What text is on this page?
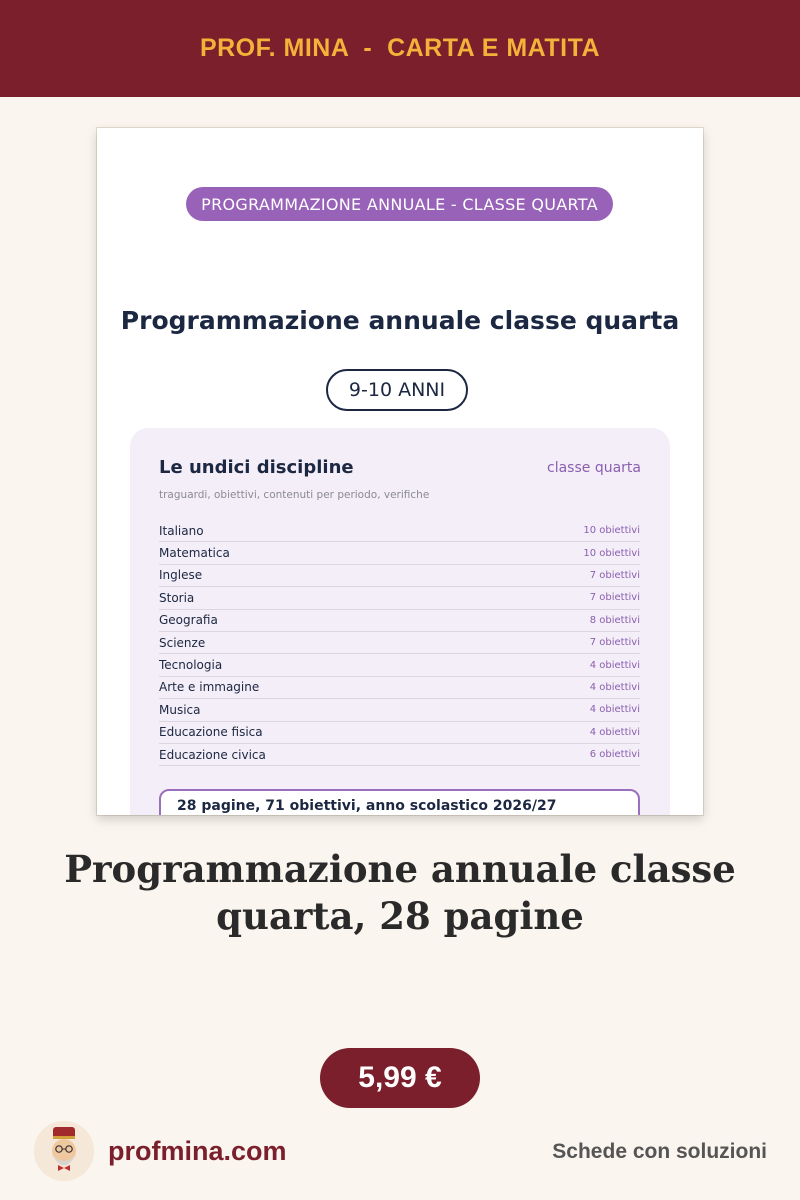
PROF. MINA  -  CARTA E MATITA
PROGRAMMAZIONE ANNUALE - CLASSE QUARTA
Programmazione annuale classe quarta
9-10 ANNI
Le undici discipline	classe quarta
traguardi, obiettivi, contenuti per periodo, verifiche
Italiano	10 obiettivi
Matematica	10 obiettivi
Inglese	7 obiettivi
Storia	7 obiettivi
Geografia	8 obiettivi
Scienze	7 obiettivi
Tecnologia	4 obiettivi
Arte e immagine	4 obiettivi
Musica	4 obiettivi
Educazione fisica	4 obiettivi
Educazione civica	6 obiettivi
28 pagine, 71 obiettivi, anno scolastico 2026/27
Programmazione annuale classe
quarta, 28 pagine
5,99 €
profmina.com	Schede con soluzioni
